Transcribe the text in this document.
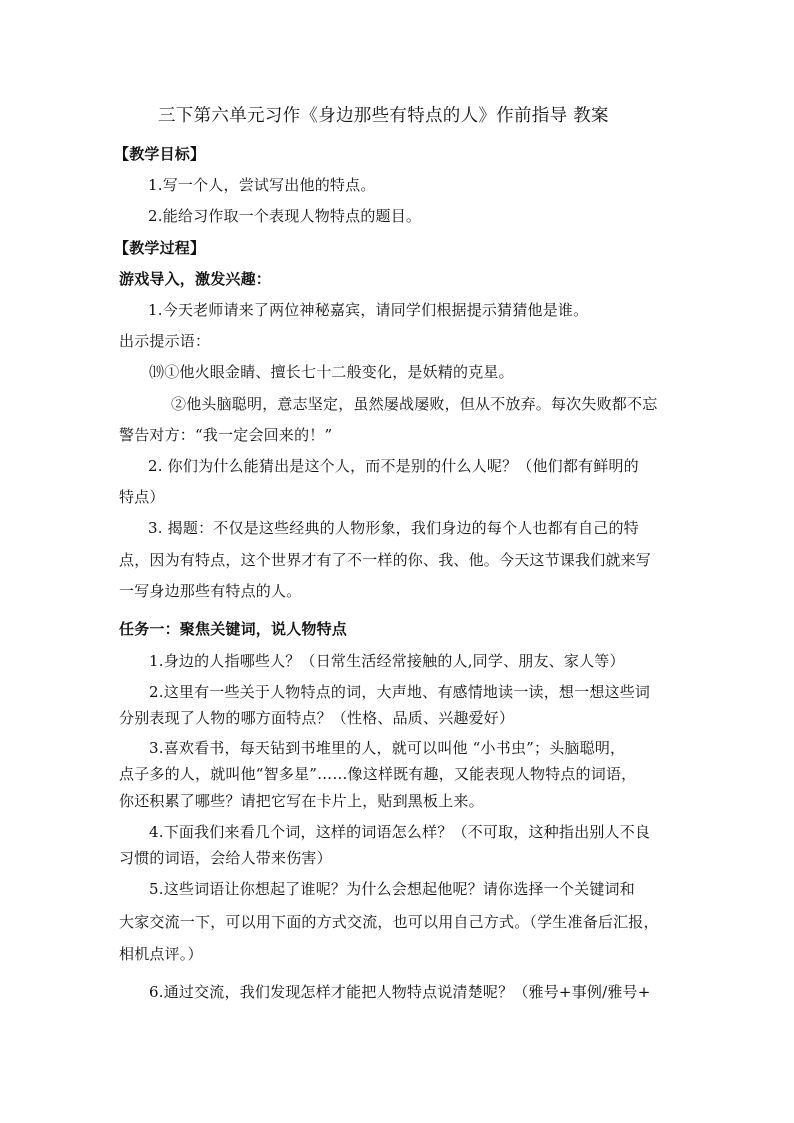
三下第六单元习作《身边那些有特点的人》作前指导 教案
【教学目标】
1.写一个人，尝试写出他的特点。
2.能给习作取一个表现人物特点的题目。
【教学过程】
游戏导入，激发兴趣：
1.今天老师请来了两位神秘嘉宾，请同学们根据提示猜猜他是谁。
出示提示语：
⒆①他火眼金睛、擅长七十二般变化，是妖精的克星。
②他头脑聪明，意志坚定，虽然屡战屡败，但从不放弃。每次失败都不忘
警告对方：“我一定会回来的！”
2. 你们为什么能猜出是这个人，而不是别的什么人呢？（他们都有鲜明的
特点）
3. 揭题：不仅是这些经典的人物形象，我们身边的每个人也都有自己的特
点，因为有特点，这个世界才有了不一样的你、我、他。今天这节课我们就来写
一写身边那些有特点的人。
任务一：聚焦关键词，说人物特点
1.身边的人指哪些人？（日常生活经常接触的人,同学、朋友、家人等）
2.这里有一些关于人物特点的词，大声地、有感情地读一读，想一想这些词
分别表现了人物的哪方面特点？（性格、品质、兴趣爱好）
3.喜欢看书，每天钻到书堆里的人，就可以叫他 “小书虫”；头脑聪明，
点子多的人，就叫他“智多星”……像这样既有趣，又能表现人物特点的词语，
你还积累了哪些？请把它写在卡片上，贴到黑板上来。
4.下面我们来看几个词，这样的词语怎么样？（不可取，这种指出别人不良
习惯的词语，会给人带来伤害）
5.这些词语让你想起了谁呢？为什么会想起他呢？请你选择一个关键词和
大家交流一下，可以用下面的方式交流，也可以用自己方式。（学生准备后汇报，
相机点评。）
6.通过交流，我们发现怎样才能把人物特点说清楚呢？（雅号+事例/雅号+
